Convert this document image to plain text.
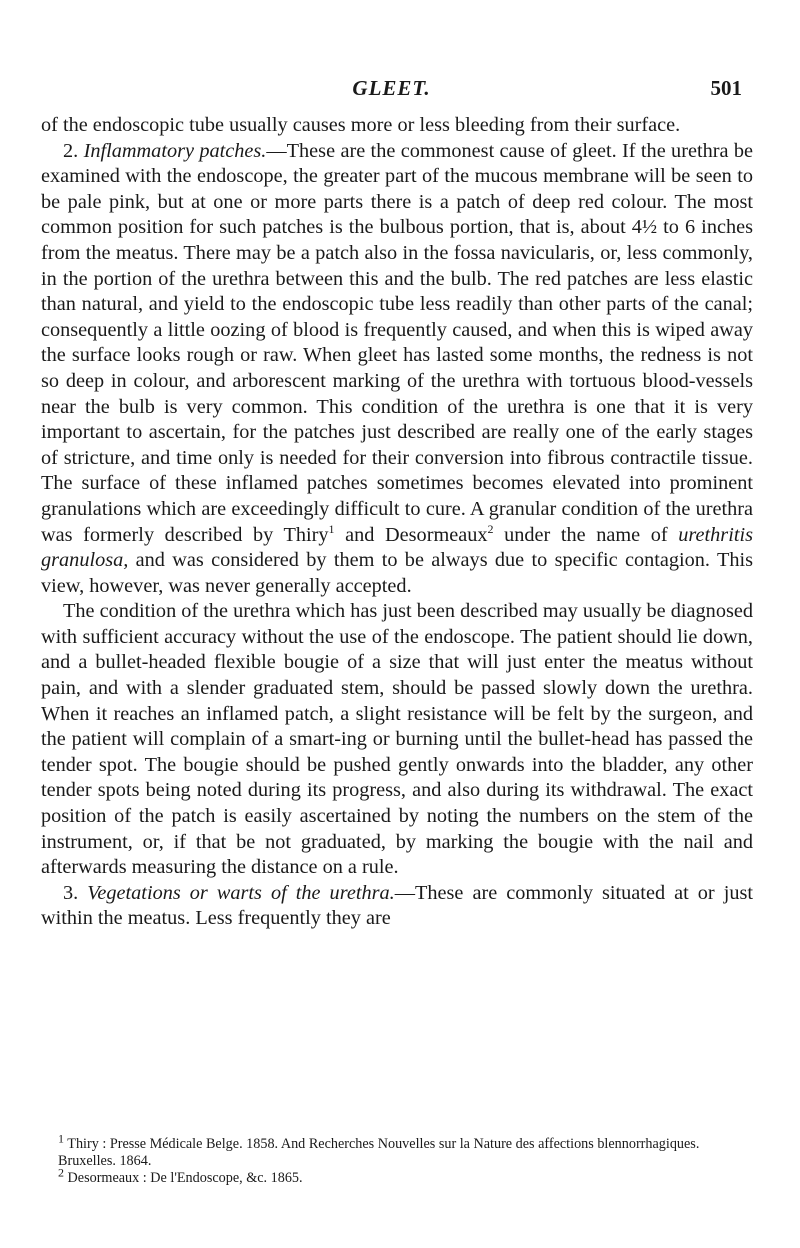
GLEET.	501

of the endoscopic tube usually causes more or less bleeding from their surface.

2. Inflammatory patches.—These are the commonest cause of gleet. If the urethra be examined with the endoscope, the greater part of the mucous membrane will be seen to be pale pink, but at one or more parts there is a patch of deep red colour. The most common position for such patches is the bulbous portion, that is, about 4½ to 6 inches from the meatus. There may be a patch also in the fossa navicularis, or, less commonly, in the portion of the urethra between this and the bulb. The red patches are less elastic than natural, and yield to the endoscopic tube less readily than other parts of the canal; consequently a little oozing of blood is frequently caused, and when this is wiped away the surface looks rough or raw. When gleet has lasted some months, the redness is not so deep in colour, and arborescent marking of the urethra with tortuous blood-vessels near the bulb is very common. This condition of the urethra is one that it is very important to ascertain, for the patches just described are really one of the early stages of stricture, and time only is needed for their conversion into fibrous contractile tissue. The surface of these inflamed patches sometimes becomes elevated into prominent granulations which are exceedingly difficult to cure. A granular condition of the urethra was formerly described by Thiry$^1$ and Desormeaux$^2$ under the name of urethritis granulosa, and was considered by them to be always due to specific contagion. This view, however, was never generally accepted.

The condition of the urethra which has just been described may usually be diagnosed with sufficient accuracy without the use of the endoscope. The patient should lie down, and a bullet-headed flexible bougie of a size that will just enter the meatus without pain, and with a slender graduated stem, should be passed slowly down the urethra. When it reaches an inflamed patch, a slight resistance will be felt by the surgeon, and the patient will complain of a smart-ing or burning until the bullet-head has passed the tender spot. The bougie should be pushed gently onwards into the bladder, any other tender spots being noted during its progress, and also during its withdrawal. The exact position of the patch is easily ascertained by noting the numbers on the stem of the instrument, or, if that be not graduated, by marking the bougie with the nail and afterwards measuring the distance on a rule.

3. Vegetations or warts of the urethra.—These are commonly situated at or just within the meatus. Less frequently they are

$^1$ Thiry : Presse Médicale Belge. 1858. And Recherches Nouvelles sur la Nature des affections blennorrhagiques. Bruxelles. 1864.

$^2$ Desormeaux : De l'Endoscope, &c. 1865.
